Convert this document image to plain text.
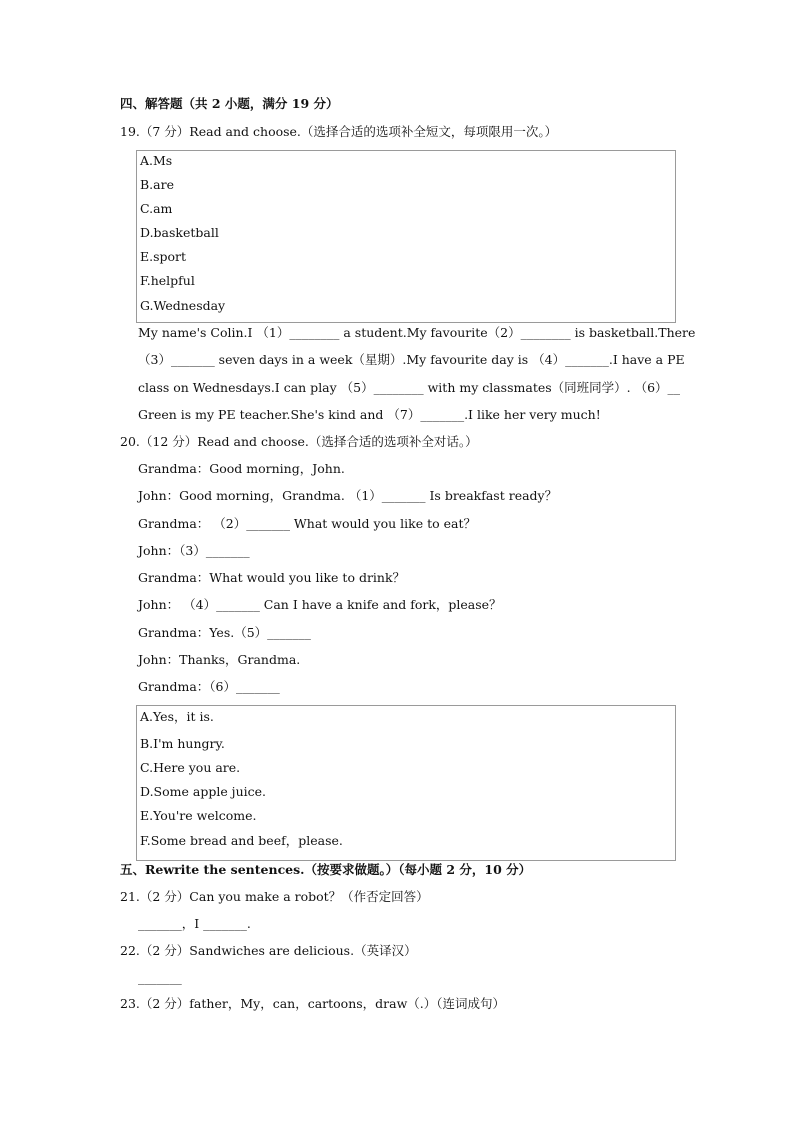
四、解答题（共 2 小题，满分 19 分）
19.（7 分）Read and choose.（选择合适的选项补全短文，每项限用一次。）
A.Ms
B.are
C.am
D.basketball
E.sport
F.helpful
G.Wednesday
My name's Colin.I （1）________ a student.My favourite（2）________ is basketball.There
（3）_______ seven days in a week（星期）.My favourite day is （4）_______.I have a PE
class on Wednesdays.I can play （5）________ with my classmates（同班同学）. （6）__
Green is my PE teacher.She's kind and （7）_______.I like her very much!
20.（12 分）Read and choose.（选择合适的选项补全对话。）
Grandma：Good morning，John.
John：Good morning，Grandma. （1）_______ Is breakfast ready？
Grandma： （2）_______ What would you like to eat？
John：（3）_______
Grandma：What would you like to drink？
John： （4）_______ Can I have a knife and fork，please？
Grandma：Yes.（5）_______
John：Thanks，Grandma.
Grandma：（6）_______
A.Yes，it is.
B.I'm hungry.
C.Here you are.
D.Some apple juice.
E.You're welcome.
F.Some bread and beef，please.
五、Rewrite the sentences.（按要求做题。）（每小题 2 分，10 分）
21.（2 分）Can you make a robot？（作否定回答）
_______，I _______.
22.（2 分）Sandwiches are delicious.（英译汉）
_______
23.（2 分）father，My，can，cartoons，draw（.）（连词成句）
